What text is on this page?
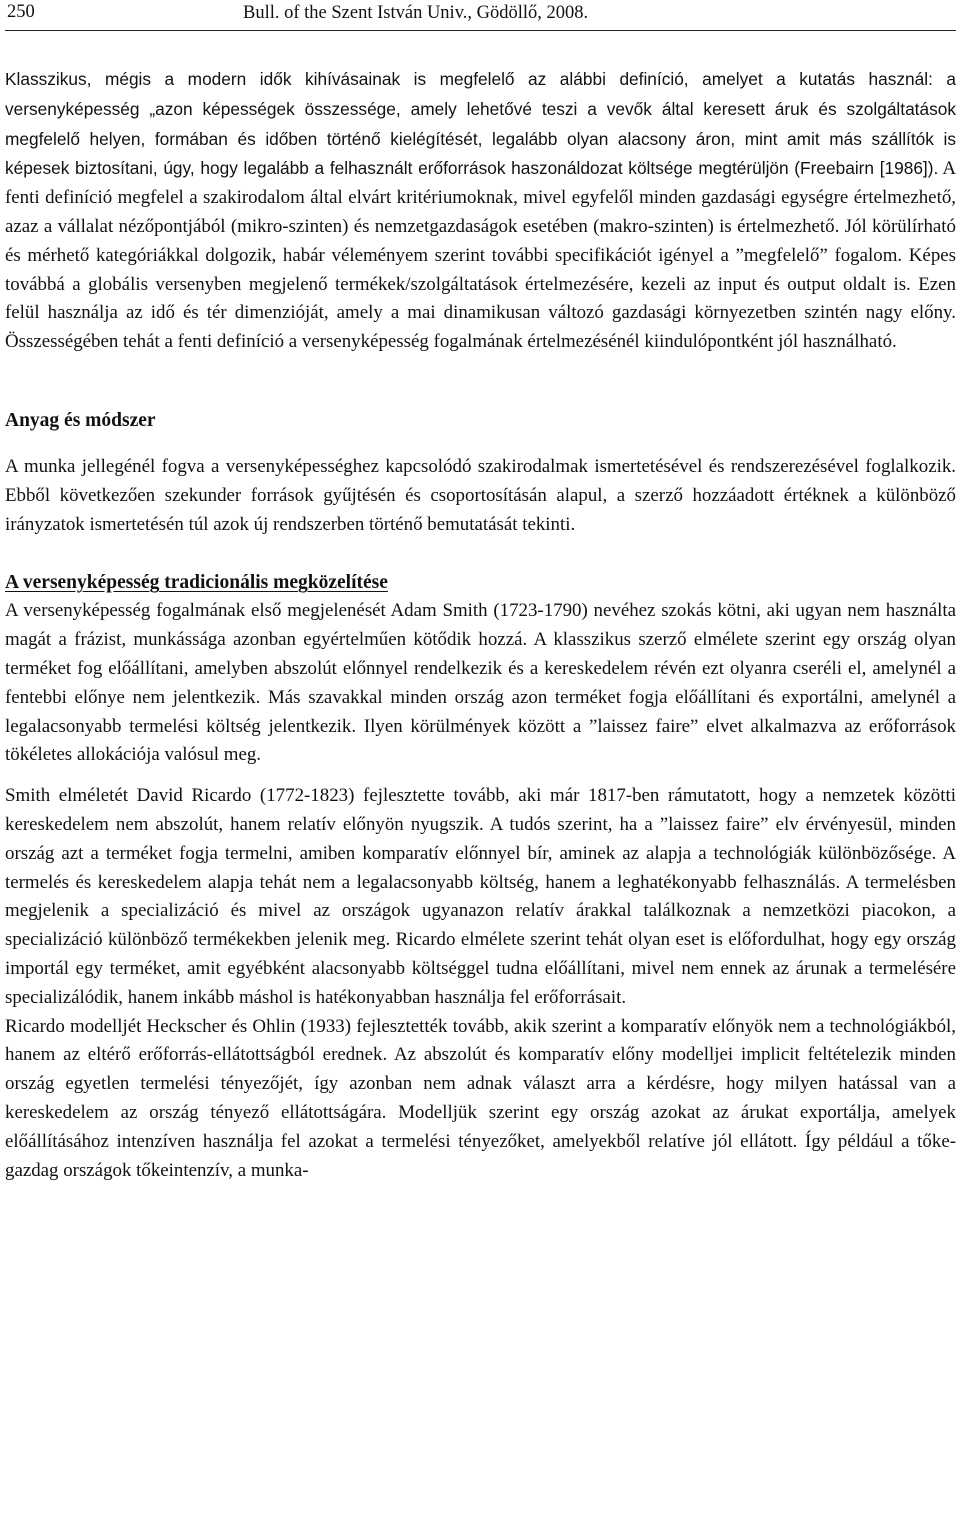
250	Bull. of the Szent István Univ., Gödöllő, 2008.

Klasszikus, mégis a modern idők kihívásainak is megfelelő az alábbi definíció, amelyet a kutatás használ: a versenyképesség „azon képességek összessége, amely lehetővé teszi a vevők által keresett áruk és szolgáltatások megfelelő helyen, formában és időben történő kielégítését, legalább olyan alacsony áron, mint amit más szállítók is képesek biztosítani, úgy, hogy legalább a felhasznált erőforrások haszonáldozat költsége megtérüljön (Freebairn [1986]). A fenti definíció megfelel a szakirodalom által elvárt kritériumoknak, mivel egyfelől minden gazdasági egységre értelmezhető, azaz a vállalat nézőpontjából (mikro-szinten) és nemzetgazdaságok esetében (makro-szinten) is értelmezhető. Jól körülírható és mérhető kategóriákkal dolgozik, habár véleményem szerint további specifikációt igényel a ”megfelelő” fogalom. Képes továbbá a globális versenyben megjelenő termékek/szolgáltatások értelmezésére, kezeli az input és output oldalt is. Ezen felül használja az idő és tér dimenzióját, amely a mai dinamikusan változó gazdasági környezetben szintén nagy előny. Összességében tehát a fenti definíció a versenyképesség fogalmának értelmezésénél kiindulópontként jól használható.

Anyag és módszer

A munka jellegénél fogva a versenyképességhez kapcsolódó szakirodalmak ismertetésével és rendszerezésével foglalkozik. Ebből következően szekunder források gyűjtésén és csoportosításán alapul, a szerző hozzáadott értéknek a különböző irányzatok ismertetésén túl azok új rendszerben történő bemutatását tekinti.

A versenyképesség tradicionális megközelítése

A versenyképesség fogalmának első megjelenését Adam Smith (1723-1790) nevéhez szokás kötni, aki ugyan nem használta magát a frázist, munkássága azonban egyértelműen kötődik hozzá. A klasszikus szerző elmélete szerint egy ország olyan terméket fog előállítani, amelyben abszolút előnnyel rendelkezik és a kereskedelem révén ezt olyanra cseréli el, amelynél a fentebbi előnye nem jelentkezik. Más szavakkal minden ország azon terméket fogja előállítani és exportálni, amelynél a legalacsonyabb termelési költség jelentkezik. Ilyen körülmények között a ”laissez faire” elvet alkalmazva az erőforrások tökéletes allokációja valósul meg.

Smith elméletét David Ricardo (1772-1823) fejlesztette tovább, aki már 1817-ben rámutatott, hogy a nemzetek közötti kereskedelem nem abszolút, hanem relatív előnyön nyugszik. A tudós szerint, ha a ”laissez faire” elv érvényesül, minden ország azt a terméket fogja termelni, amiben komparatív előnnyel bír, aminek az alapja a technológiák különbözősége. A termelés és kereskedelem alapja tehát nem a legalacsonyabb költség, hanem a leghatékonyabb felhasználás. A termelésben megjelenik a specializáció és mivel az országok ugyanazon relatív árakkal találkoznak a nemzetközi piacokon, a specializáció különböző termékekben jelenik meg. Ricardo elmélete szerint tehát olyan eset is előfordulhat, hogy egy ország importál egy terméket, amit egyébként alacsonyabb költséggel tudna előállítani, mivel nem ennek az árunak a termelésére specializálódik, hanem inkább máshol is hatékonyabban használja fel erőforrásait.

Ricardo modelljét Heckscher és Ohlin (1933) fejlesztették tovább, akik szerint a komparatív előnyök nem a technológiákból, hanem az eltérő erőforrás-ellátottságból erednek. Az abszolút és komparatív előny modelljei implicit feltételezik minden ország egyetlen termelési tényezőjét, így azonban nem adnak választ arra a kérdésre, hogy milyen hatással van a kereskedelem az ország tényező ellátottságára. Modelljük szerint egy ország azokat az árukat exportálja, amelyek előállításához intenzíven használja fel azokat a termelési tényezőket, amelyekből relatíve jól ellátott. Így például a tőke-gazdag országok tőkeintenzív, a munka-
